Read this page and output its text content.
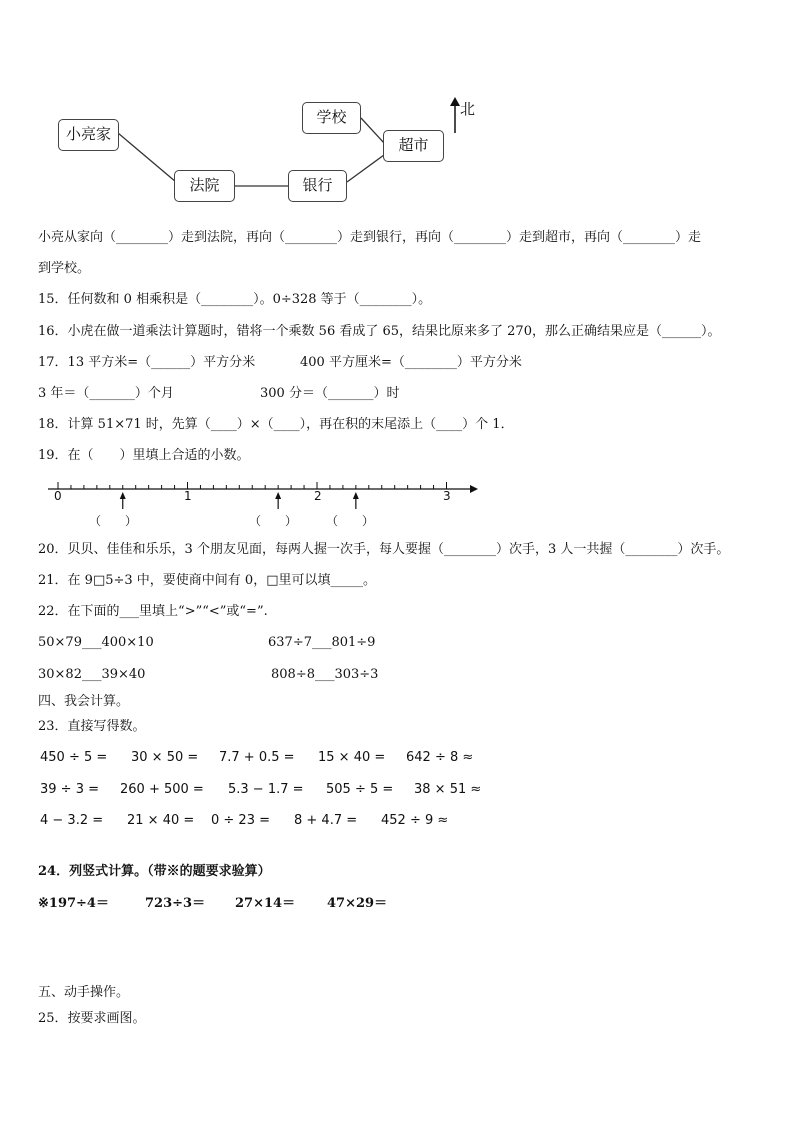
小亮家
法院	银行
学校
超市
北
小亮从家向（________）走到法院，再向（________）走到银行，再向（________）走到超市，再向（________）走
到学校。
15．任何数和 0 相乘积是（________）。0÷328 等于（________）。
16．小虎在做一道乘法计算题时，错将一个乘数 56 看成了 65，结果比原来多了 270，那么正确结果应是（______）。
17．13 平方米=（______）平方分米	400 平方厘米=（________）平方分米
3 年＝（_______）个月	300 分＝（_______）时
18．计算 51×71 时，先算（____）×（____），再在积的末尾添上（____）个 1．
19．在（　　）里填上合适的小数。
0	1	2	3
（　　）	（　　） （　　）
20．贝贝、佳佳和乐乐，3 个朋友见面，每两人握一次手，每人要握（________）次手，3 人一共握（________）次手。
21．在 9□5÷3 中，要使商中间有 0，□里可以填_____。
22．在下面的___里填上“>”“<”或“=”.
50×79___400×10	637÷7___801÷9
30×82___39×40	808÷8___303÷3
四、我会计算。
23．直接写得数。
450 ÷ 5 = 30 × 50 = 7.7 + 0.5 = 15 × 40 = 642 ÷ 8 ≈
39 ÷ 3 = 260 + 500 = 5.3 − 1.7 = 505 ÷ 5 = 38 × 51 ≈
4 − 3.2 = 21 × 40 = 0 ÷ 23 = 8 + 4.7 = 452 ÷ 9 ≈
24．列竖式计算。（带※的题要求验算）
※197÷4＝	723÷3＝ 27×14＝ 47×29＝
五、动手操作。
25．按要求画图。
